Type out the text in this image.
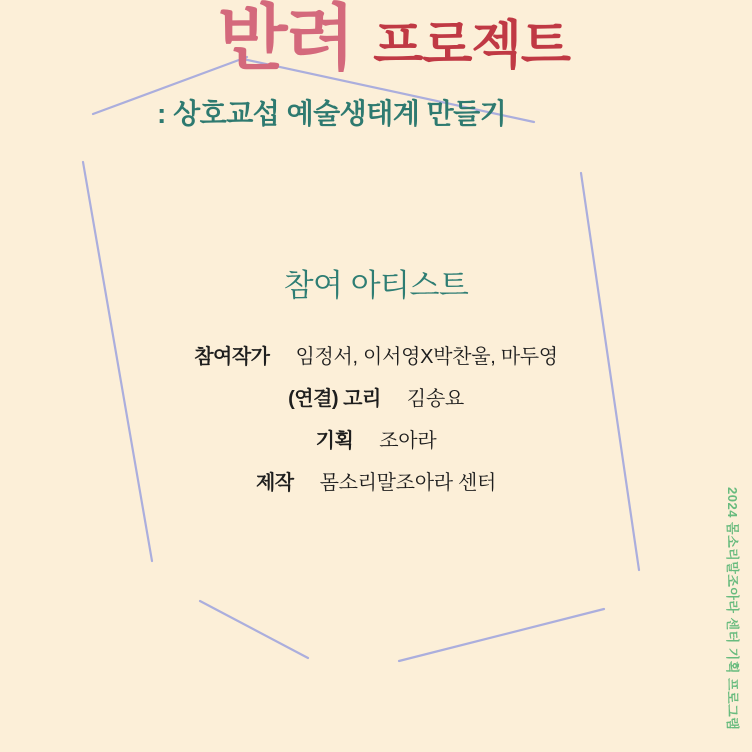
반려 프로젝트
: 상호교섭 예술생태계 만들기
참여 아티스트
참여작가 임정서, 이서영X박찬울, 마두영
(연결) 고리 김송요
기획 조아라
제작 몸소리말조아라 센터
2024 몸소리말조아라 센터 기획 프로그램
